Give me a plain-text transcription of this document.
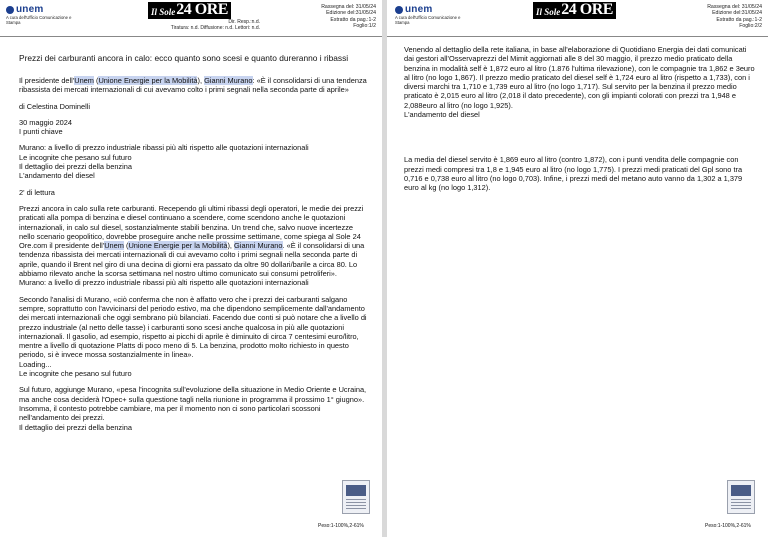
unem
A cura dell'Ufficio Comunicazione e Stampa
Il Sole 24 ORE
Dir. Resp.:n.d.
Tiratura: n.d. Diffusione: n.d. Lettori: n.d.
Rassegna del: 31/05/24
Edizione del:31/05/24
Estratto da pag.:1-2
Foglio:1/2

Prezzi dei carburanti ancora in calo: ecco quanto sono scesi e quanto dureranno i ribassi

Il presidente dell'Unem (Unione Energie per la Mobilità), Gianni Murano: «È il consolidarsi di una tendenza ribassista dei mercati internazionali di cui avevamo colto i primi segnali nella seconda parte di aprile»

di Celestina Dominelli

30 maggio 2024
I punti chiave

Murano: a livello di prezzo industriale ribassi più alti rispetto alle quotazioni internazionali
Le incognite che pesano sul futuro
Il dettaglio dei prezzi della benzina
L'andamento del diesel

2' di lettura

Prezzi ancora in calo sulla rete carburanti. Recependo gli ultimi ribassi degli operatori, le medie dei prezzi praticati alla pompa di benzina e diesel continuano a scendere, come scendono anche le quotazioni internazionali, in calo sul diesel, sostanzialmente stabili benzina. Un trend che, salvo nuove incertezze nello scenario geopolitico, dovrebbe proseguire anche nelle prossime settimane, come spiega al Sole 24 Ore.com il presidente dell'Unem (Unione Energie per la Mobilità), Gianni Murano. «È il consolidarsi di una tendenza ribassista dei mercati internazionali di cui avevamo colto i primi segnali nella seconda parte di aprile, quando il Brent nel giro di una decina di giorni era passato da oltre 90 dollari/barile a circa 80. Lo abbiamo rilevato anche la scorsa settimana nel nostro ultimo comunicato sui consumi petroliferi».
Murano: a livello di prezzo industriale ribassi più alti rispetto alle quotazioni internazionali

Secondo l'analisi di Murano, «ciò conferma che non è affatto vero che i prezzi dei carburanti salgano sempre, soprattutto con l'avvicinarsi del periodo estivo, ma che dipendono semplicemente dall'andamento dei mercati internazionali che oggi sembrano più bilanciati. Facendo due conti si può notare che a livello di prezzo industriale (al netto delle tasse) i carburanti sono scesi anche qualcosa in più alle quotazioni internazionali. Il gasolio, ad esempio, rispetto ai picchi di aprile è diminuito di circa 7 centesimi euro/litro, mentre a livello di quotazione Platts di poco meno di 5. La benzina, prodotto molto richiesto in questo periodo, si è invece mossa sostanzialmente in linea».
Loading...
Le incognite che pesano sul futuro

Sul futuro, aggiunge Murano, «pesa l'incognita sull'evoluzione della situazione in Medio Oriente e Ucraina, ma anche cosa deciderà l'Opec+ sulla questione tagli nella riunione in programma il prossimo 1° giugno». Insomma, il contesto potrebbe cambiare, ma per il momento non ci sono particolari scossoni nell'andamento dei prezzi.
Il dettaglio dei prezzi della benzina

Peso:1-100%,2-61%
unem
A cura dell'Ufficio Comunicazione e Stampa
Il Sole 24 ORE	Rassegna del: 31/05/24
Edizione del:31/05/24
Estratto da pag.:1-2
Foglio:2/2

Venendo al dettaglio della rete italiana, in base all'elaborazione di Quotidiano Energia dei dati comunicati dai gestori all'Osservaprezzi del Mimit aggiornati alle 8 del 30 maggio, il prezzo medio praticato della benzina in modalità self è 1,872 euro al litro (1.876 l'ultima rilevazione), con le compagnie tra 1,862 e 3euro al litro (no logo 1,867). Il prezzo medio praticato del diesel self è 1,724 euro al litro (rispetto a 1,733), con i diversi marchi tra 1,710 e 1,739 euro al litro (no logo 1,717). Sul servito per la benzina il prezzo medio praticato è 2,015 euro al litro (2,018 il dato precedente), con gli impianti colorati con prezzi tra 1,948 e 2,088euro al litro (no logo 1,925).
L'andamento del diesel

La media del diesel servito è 1,869 euro al litro (contro 1,872), con i punti vendita delle compagnie con prezzi medi compresi tra 1,8 e 1,945 euro al litro (no logo 1,775). I prezzi medi praticati del Gpl sono tra 0,716 e 0,738 euro al litro (no logo 0,703). Infine, i prezzi medi del metano auto vanno da 1,302 a 1,379 euro al kg (no logo 1,312).

Peso:1-100%,2-61%
